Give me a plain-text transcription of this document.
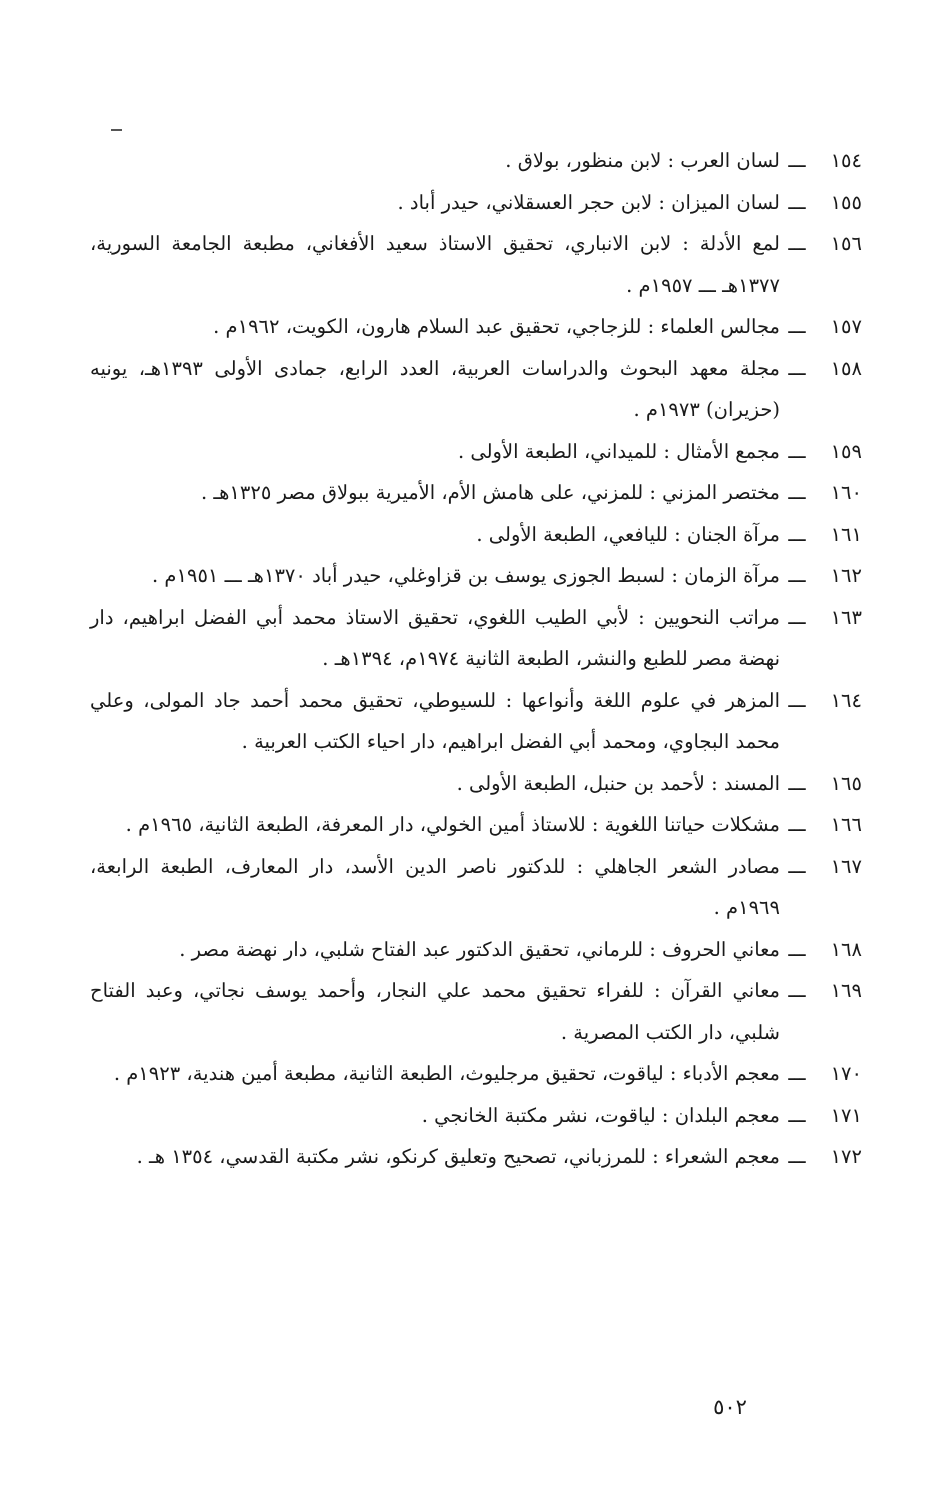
١٥٤
ـــ
لسان العرب : لابن منظور، بولاق .
١٥٥
ـــ
لسان الميزان : لابن حجر العسقلاني، حيدر أباد .
١٥٦
ـــ
لمع الأدلة : لابن الانباري، تحقيق الاستاذ سعيد الأفغاني، مطبعة الجامعة السورية، ١٣٧٧هـ ـــ ١٩٥٧م .
١٥٧
ـــ
مجالس العلماء : للزجاجي، تحقيق عبد السلام هارون، الكويت، ١٩٦٢م .
١٥٨
ـــ
مجلة معهد البحوث والدراسات العربية، العدد الرابع، جمادى الأولى ١٣٩٣هـ، يونيه (حزيران) ١٩٧٣م .
١٥٩
ـــ
مجمع الأمثال : للميداني، الطبعة الأولى .
١٦٠
ـــ
مختصر المزني : للمزني، على هامش الأم، الأميرية ببولاق مصر ١٣٢٥هـ .
١٦١
ـــ
مرآة الجنان : لليافعي، الطبعة الأولى .
١٦٢
ـــ
مرآة الزمان : لسبط الجوزى يوسف بن قزاوغلي، حيدر أباد ١٣٧٠هـ ـــ ١٩٥١م .
١٦٣
ـــ
مراتب النحويين : لأبي الطيب اللغوي، تحقيق الاستاذ محمد أبي الفضل ابراهيم، دار نهضة مصر للطبع والنشر، الطبعة الثانية ١٩٧٤م، ١٣٩٤هـ .
١٦٤
ـــ
المزهر في علوم اللغة وأنواعها : للسيوطي، تحقيق محمد أحمد جاد المولى، وعلي محمد البجاوي، ومحمد أبي الفضل ابراهيم، دار احياء الكتب العربية .
١٦٥
ـــ
المسند : لأحمد بن حنبل، الطبعة الأولى .
١٦٦
ـــ
مشكلات حياتنا اللغوية : للاستاذ أمين الخولي، دار المعرفة، الطبعة الثانية، ١٩٦٥م .
١٦٧
ـــ
مصادر الشعر الجاهلي : للدكتور ناصر الدين الأسد، دار المعارف، الطبعة الرابعة، ١٩٦٩م .
١٦٨
ـــ
معاني الحروف : للرماني، تحقيق الدكتور عبد الفتاح شلبي، دار نهضة مصر .
١٦٩
ـــ
معاني القرآن : للفراء تحقيق محمد علي النجار، وأحمد يوسف نجاتي، وعبد الفتاح شلبي، دار الكتب المصرية .
١٧٠
ـــ
معجم الأدباء : لياقوت، تحقيق مرجليوث، الطبعة الثانية، مطبعة أمين هندية، ١٩٢٣م .
١٧١
ـــ
معجم البلدان : لياقوت، نشر مكتبة الخانجي .
١٧٢
ـــ
معجم الشعراء : للمرزباني، تصحيح وتعليق كرنكو، نشر مكتبة القدسي، ١٣٥٤ هـ .
٥٠٢
